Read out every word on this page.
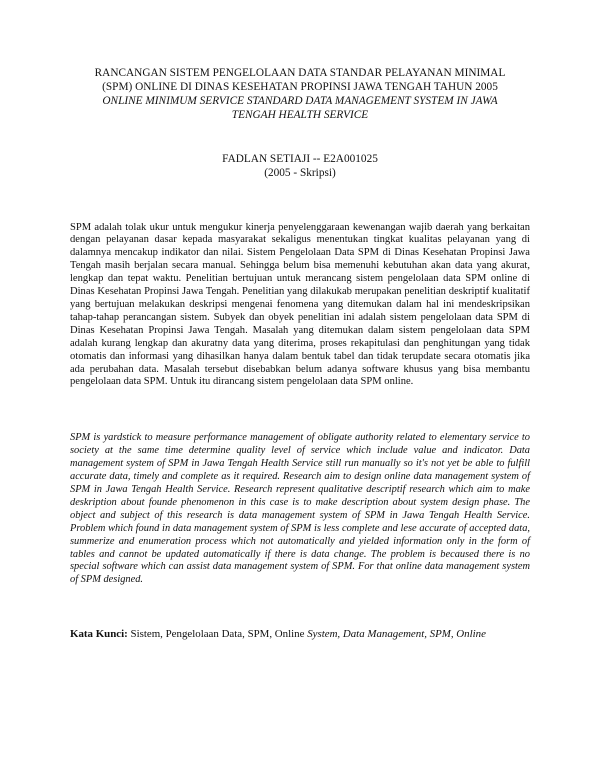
RANCANGAN SISTEM PENGELOLAAN DATA STANDAR PELAYANAN MINIMAL
(SPM) ONLINE DI DINAS KESEHATAN PROPINSI JAWA TENGAH TAHUN 2005
ONLINE MINIMUM SERVICE STANDARD DATA MANAGEMENT SYSTEM IN JAWA
TENGAH HEALTH SERVICE
FADLAN SETIAJI -- E2A001025
(2005 - Skripsi)

SPM adalah tolak ukur untuk mengukur kinerja penyelenggaraan kewenangan wajib daerah yang berkaitan dengan pelayanan dasar kepada masyarakat sekaligus menentukan tingkat kualitas pelayanan yang di dalamnya mencakup indikator dan nilai. Sistem Pengelolaan Data SPM di Dinas Kesehatan Propinsi Jawa Tengah masih berjalan secara manual. Sehingga belum bisa memenuhi kebutuhan akan data yang akurat, lengkap dan tepat waktu. Penelitian bertujuan untuk merancang sistem pengelolaan data SPM online di Dinas Kesehatan Propinsi Jawa Tengah. Penelitian yang dilakukab merupakan penelitian deskriptif kualitatif yang bertujuan melakukan deskripsi mengenai fenomena yang ditemukan dalam hal ini mendeskripsikan tahap-tahap perancangan sistem. Subyek dan obyek penelitian ini adalah sistem pengelolaan data SPM di Dinas Kesehatan Propinsi Jawa Tengah. Masalah yang ditemukan dalam sistem pengelolaan data SPM adalah kurang lengkap dan akuratny data yang diterima, proses rekapitulasi dan penghitungan yang tidak otomatis dan informasi yang dihasilkan hanya dalam bentuk tabel dan tidak terupdate secara otomatis jika ada perubahan data. Masalah tersebut disebabkan belum adanya software khusus yang bisa membantu pengelolaan data SPM. Untuk itu dirancang sistem pengelolaan data SPM online.

SPM is yardstick to measure performance management of obligate authority related to elementary service to society at the same time determine quality level of service which include value and indicator. Data management system of SPM in Jawa Tengah Health Service still run manually so it's not yet be able to fulfill accurate data, timely and complete as it required. Research aim to design online data management system of SPM in Jawa Tengah Health Service. Research represent qualitative descriptif research which aim to make deskription about founde phenomenon in this case is to make description about system design phase. The object and subject of this research is data management system of SPM in Jawa Tengah Health Service. Problem which found in data management system of SPM is less complete and lese accurate of accepted data, summerize and enumeration process which not automatically and yielded information only in the form of tables and cannot be updated automatically if there is data change. The problem is becaused there is no special software which can assist data management system of SPM. For that online data management system of SPM designed.

Kata Kunci: Sistem, Pengelolaan Data, SPM, Online System, Data Management, SPM, Online
